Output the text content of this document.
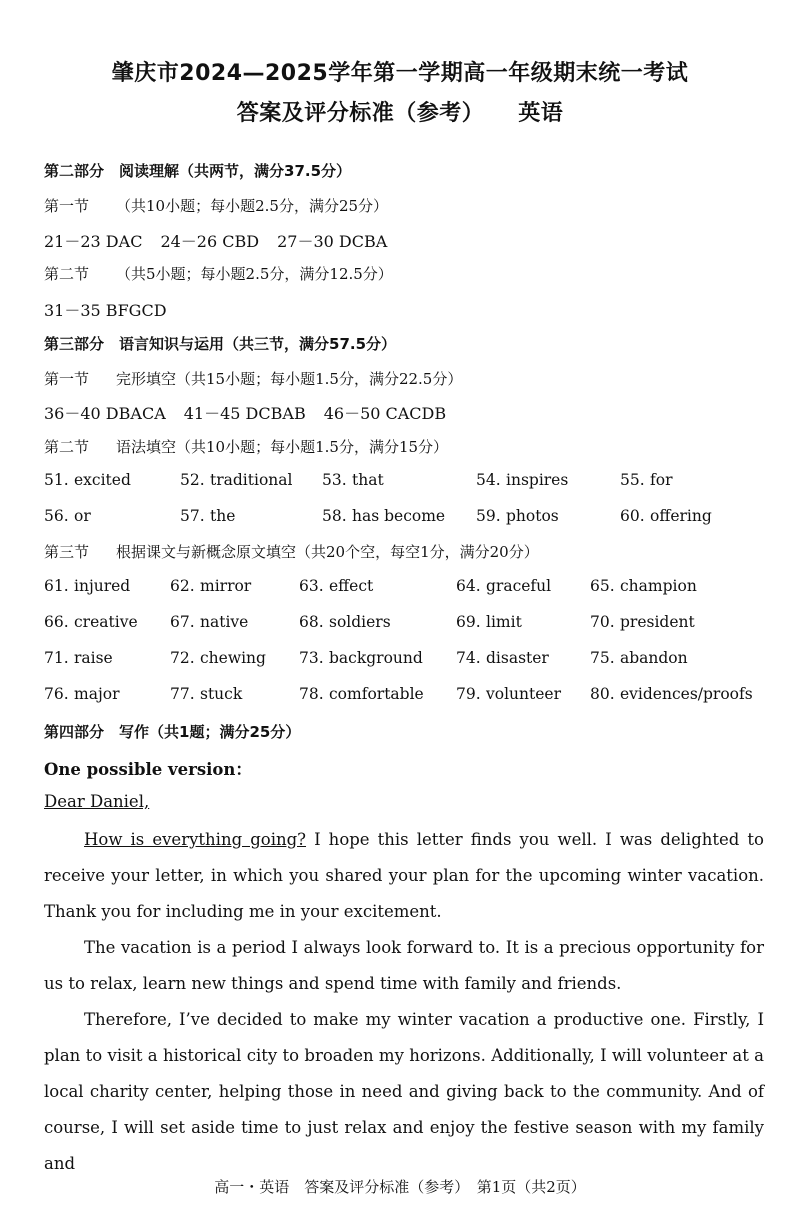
肇庆市2024—2025学年第一学期高一年级期末统一考试
答案及评分标准（参考） 英语
第二部分　阅读理解（共两节，满分37.5分）
第一节 （共10小题；每小题2.5分，满分25分）
21－23 DAC 24－26 CBD 27－30 DCBA
第二节 （共5小题；每小题2.5分，满分12.5分）
31－35 BFGCD
第三部分　语言知识与运用（共三节，满分57.5分）
第一节 完形填空（共15小题；每小题1.5分，满分22.5分）
36－40 DBACA 41－45 DCBAB 46－50 CACDB
第二节 语法填空（共10小题；每小题1.5分，满分15分）
51. excited	52. traditional 53. that	54. inspires	55. for
56. or	57. the	58. has become 59. photos	60. offering
第三节 根据课文与新概念原文填空（共20个空，每空1分，满分20分）
61. injured	62. mirror	63. effect	64. graceful	65. champion
66. creative 67. native	68. soldiers	69. limit	70. president
71. raise	72. chewing 73. background 74. disaster	75. abandon
76. major	77. stuck	78. comfortable 79. volunteer 80. evidences/proofs
第四部分　写作（共1题；满分25分）
One possible version：
Dear Daniel,

How is everything going? I hope this letter finds you well. I was delighted to receive your letter, in which you shared your plan for the upcoming winter vacation. Thank you for including me in your excitement.

The vacation is a period I always look forward to. It is a precious opportunity for us to relax, learn new things and spend time with family and friends.

Therefore, I’ve decided to make my winter vacation a productive one. Firstly, I plan to visit a historical city to broaden my horizons. Additionally, I will volunteer at a local charity center, helping those in need and giving back to the community. And of course, I will set aside time to just relax and enjoy the festive season with my family and

高一・英语　答案及评分标准（参考）　第1页（共2页）
